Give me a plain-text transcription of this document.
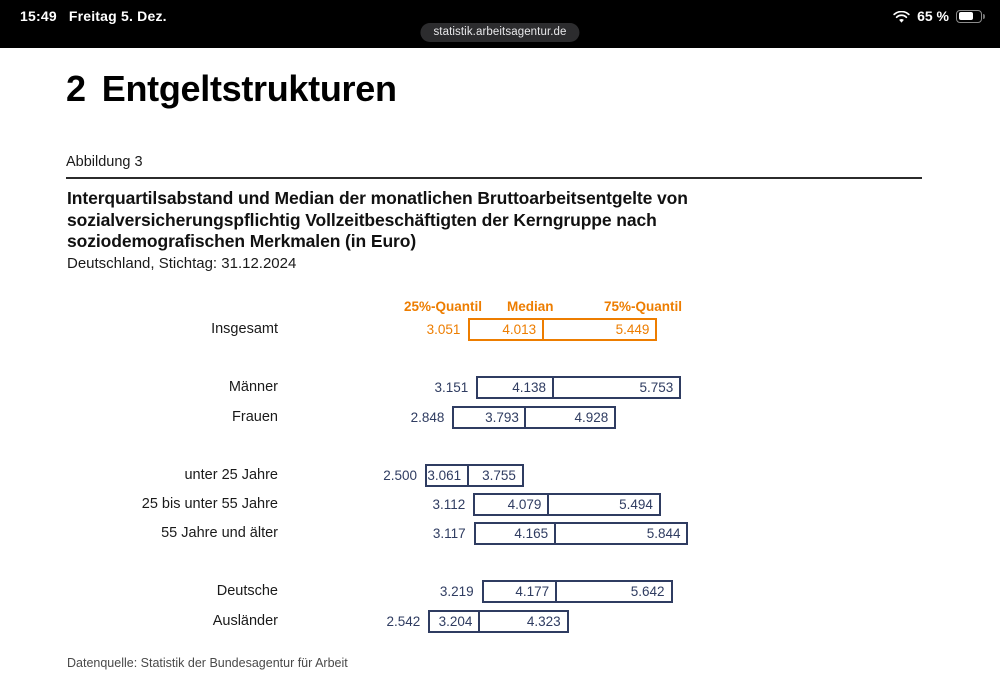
15:49 Freitag 5. Dez.	65 %
statistik.arbeitsagentur.de
2 Entgeltstrukturen
Abbildung 3
Interquartilsabstand und Median der monatlichen Bruttoarbeitsentgelte von sozialversicherungspflichtig Vollzeitbeschäftigten der Kerngruppe nach soziodemografischen Merkmalen (in Euro)
Deutschland, Stichtag: 31.12.2024
25%-Quantil Median	75%-Quantil
Insgesamt	3.051	4.013	5.449
Männer	3.151	4.138	5.753
Frauen	2.848	3.793	4.928
unter 25 Jahre	2.500 3.061 3.755
25 bis unter 55 Jahre	3.112	4.079	5.494
55 Jahre und älter	3.117	4.165	5.844
Deutsche	3.219	4.177	5.642
Ausländer	2.542	3.204	4.323
Datenquelle: Statistik der Bundesagentur für Arbeit
